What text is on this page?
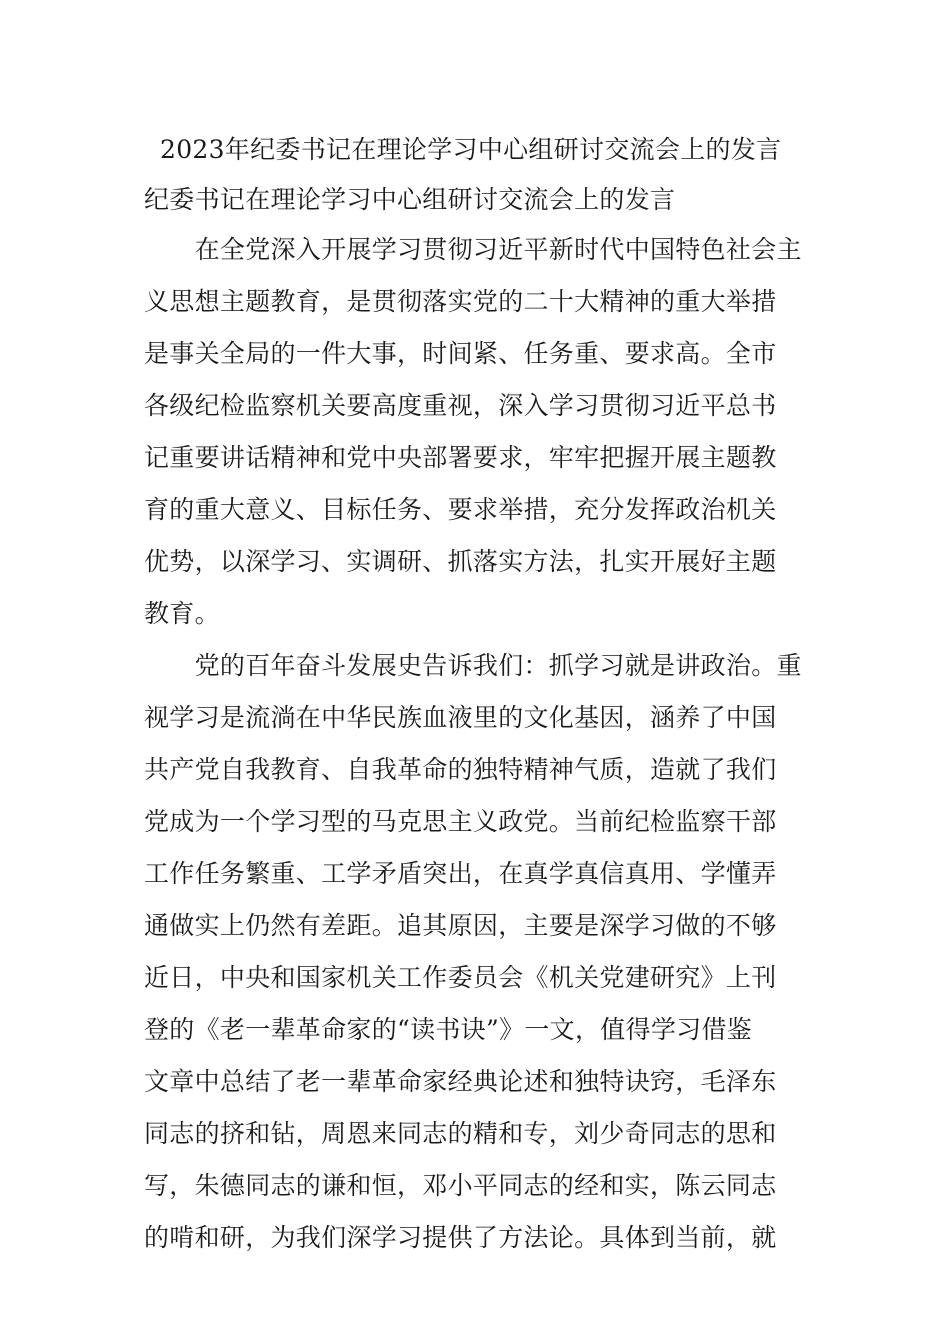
2023年纪委书记在理论学习中心组研讨交流会上的发言
纪委书记在理论学习中心组研讨交流会上的发言
　　在全党深入开展学习贯彻习近平新时代中国特色社会主
义思想主题教育，是贯彻落实党的二十大精神的重大举措
是事关全局的一件大事，时间紧、任务重、要求高。全市
各级纪检监察机关要高度重视，深入学习贯彻习近平总书
记重要讲话精神和党中央部署要求，牢牢把握开展主题教
育的重大意义、目标任务、要求举措，充分发挥政治机关
优势，以深学习、实调研、抓落实方法，扎实开展好主题
教育。
　　党的百年奋斗发展史告诉我们：抓学习就是讲政治。重
视学习是流淌在中华民族血液里的文化基因，涵养了中国
共产党自我教育、自我革命的独特精神气质，造就了我们
党成为一个学习型的马克思主义政党。当前纪检监察干部
工作任务繁重、工学矛盾突出，在真学真信真用、学懂弄
通做实上仍然有差距。追其原因，主要是深学习做的不够
近日，中央和国家机关工作委员会《机关党建研究》上刊
登的《老一辈革命家的“读书诀”》一文，值得学习借鉴
文章中总结了老一辈革命家经典论述和独特诀窍，毛泽东
同志的挤和钻，周恩来同志的精和专，刘少奇同志的思和
写，朱德同志的谦和恒，邓小平同志的经和实，陈云同志
的啃和研，为我们深学习提供了方法论。具体到当前，就
